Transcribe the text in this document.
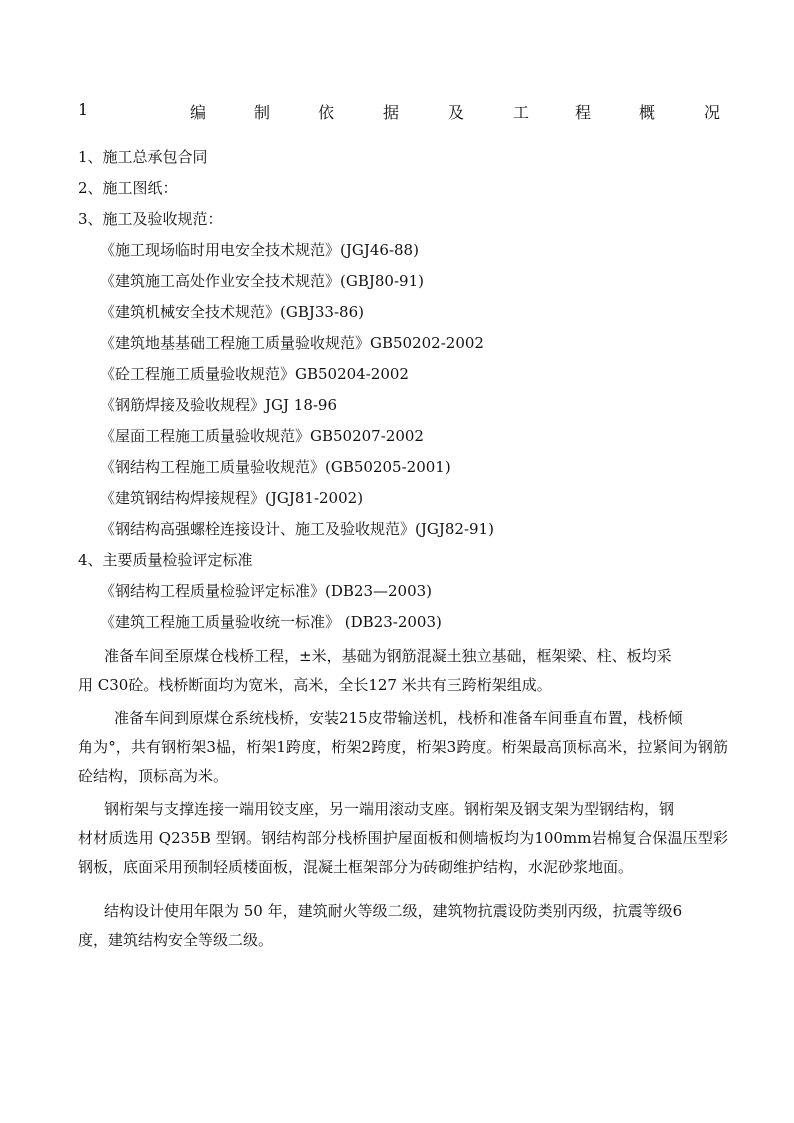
1	编	制	依	据	及	工	程	概	况
1、施工总承包合同
2、施工图纸：
3、施工及验收规范：
《施工现场临时用电安全技术规范》(JGJ46-88)
《建筑施工高处作业安全技术规范》(GBJ80-91)
《建筑机械安全技术规范》(GBJ33-86)
《建筑地基基础工程施工质量验收规范》GB50202-2002
《砼工程施工质量验收规范》GB50204-2002
《钢筋焊接及验收规程》JGJ 18-96
《屋面工程施工质量验收规范》GB50207-2002
《钢结构工程施工质量验收规范》(GB50205-2001)
《建筑钢结构焊接规程》(JGJ81-2002)
《钢结构高强螺栓连接设计、施工及验收规范》(JGJ82-91)
4、主要质量检验评定标准
《钢结构工程质量检验评定标准》(DB23—2003)
《建筑工程施工质量验收统一标准》 (DB23-2003)
准备车间至原煤仓栈桥工程，±米，基础为钢筋混凝土独立基础，框架梁、柱、板均采
用 C30砼。栈桥断面均为宽米，高米，全长127 米共有三跨桁架组成。
准备车间到原煤仓系统栈桥，安装215皮带输送机，栈桥和准备车间垂直布置，栈桥倾
角为°，共有钢桁架3榀，桁架1跨度，桁架2跨度，桁架3跨度。桁架最高顶标高米，拉紧间为钢筋砼结构，顶标高为米。
钢桁架与支撑连接一端用铰支座，另一端用滚动支座。钢桁架及钢支架为型钢结构，钢
材材质选用 Q235B 型钢。钢结构部分栈桥围护屋面板和侧墙板均为100mm岩棉复合保温压型彩钢板，底面采用预制轻质楼面板，混凝土框架部分为砖砌维护结构，水泥砂浆地面。
结构设计使用年限为 50 年，建筑耐火等级二级，建筑物抗震设防类别丙级，抗震等级6
度，建筑结构安全等级二级。
